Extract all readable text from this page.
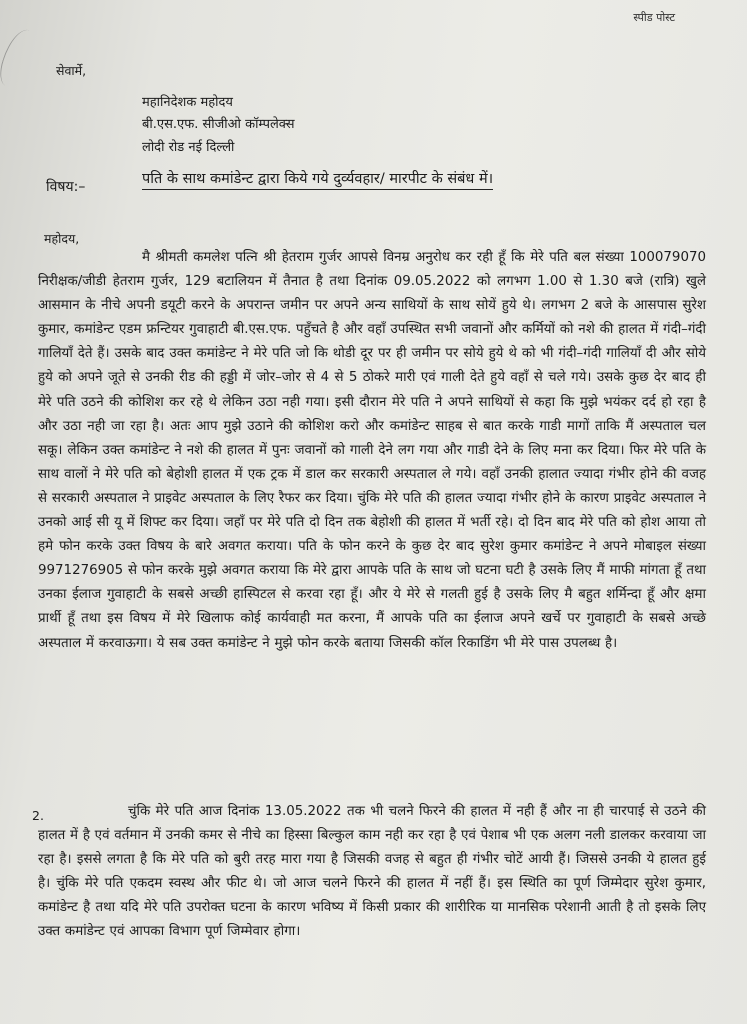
स्पीड पोस्ट
सेवार्मे,
महानिदेशक महोदय
बी.एस.एफ. सीजीओ कॉम्पलेक्स
लोदी रोड नई दिल्ली
विषय:–	पति के साथ कमांडेन्ट द्वारा किये गये दुर्व्यवहार/ मारपीट के संबंध में।
महोदय,
मै श्रीमती कमलेश पत्नि श्री हेतराम गुर्जर आपसे विनम्र अनुरोध कर रही हूँ कि मेरे पति बल संख्या 100079070 निरीक्षक/जीडी हेतराम गुर्जर, 129 बटालियन में तैनात है तथा दिनांक 09.05.2022 को लगभग 1.00 से 1.30 बजे (रात्रि) खुले आसमान के नीचे अपनी डयूटी करने के अपरान्त जमीन पर अपने अन्य साथियों के साथ सोयें हुये थे। लगभग 2 बजे के आसपास सुरेश कुमार, कमांडेन्ट एडम फ्रन्टियर गुवाहाटी बी.एस.एफ. पहुँचते है और वहाँ उपस्थित सभी जवानों और कर्मियों को नशे की हालत में गंदी–गंदी गालियाँ देते हैं। उसके बाद उक्त कमांडेन्ट ने मेरे पति जो कि थोडी दूर पर ही जमीन पर सोये हुये थे को भी गंदी–गंदी गालियाँ दी और सोये हुये को अपने जूते से उनकी रीड की हड्डी में जोर–जोर से 4 से 5 ठोकरे मारी एवं गाली देते हुये वहाँ से चले गये। उसके कुछ देर बाद ही मेरे पति उठने की कोशिश कर रहे थे लेकिन उठा नही गया। इसी दौरान मेरे पति ने अपने साथियों से कहा कि मुझे भयंकर दर्द हो रहा है और उठा नही जा रहा है। अतः आप मुझे उठाने की कोशिश करो और कमांडेन्ट साहब से बात करके गाडी मागों ताकि मैं अस्पताल चल सकू। लेकिन उक्त कमांडेन्ट ने नशे की हालत में पुनः जवानों को गाली देने लग गया और गाडी देने के लिए मना कर दिया। फिर मेरे पति के साथ वालों ने मेरे पति को बेहोशी हालत में एक ट्रक में डाल कर सरकारी अस्पताल ले गये। वहाँ उनकी हालात ज्यादा गंभीर होने की वजह से सरकारी अस्पताल ने प्राइवेट अस्पताल के लिए रैफर कर दिया। चुंकि मेरे पति की हालत ज्यादा गंभीर होने के कारण प्राइवेट अस्पताल ने उनको आई सी यू में शिफ्ट कर दिया। जहाँ पर मेरे पति दो दिन तक बेहोशी की हालत में भर्ती रहे। दो दिन बाद मेरे पति को होश आया तो हमे फोन करके उक्त विषय के बारे अवगत कराया। पति के फोन करने के कुछ देर बाद सुरेश कुमार कमांडेन्ट ने अपने मोबाइल संख्या 9971276905 से फोन करके मुझे अवगत कराया कि मेरे द्वारा आपके पति के साथ जो घटना घटी है उसके लिए मैं माफी मांगता हूँ तथा उनका ईलाज गुवाहाटी के सबसे अच्छी हास्पिटल से करवा रहा हूँ। और ये मेरे से गलती हुई है उसके लिए मै बहुत शर्मिन्दा हूँ और क्षमा प्रार्थी हूँ तथा इस विषय में मेरे खिलाफ कोई कार्यवाही मत करना, मैं आपके पति का ईलाज अपने खर्चे पर गुवाहाटी के सबसे अच्छे अस्पताल में करवाऊगा। ये सब उक्त कमांडेन्ट ने मुझे फोन करके बताया जिसकी कॉल रिकाडिंग भी मेरे पास उपलब्ध है।
2.	चुंकि मेरे पति आज दिनांक 13.05.2022 तक भी चलने फिरने की हालत में नही हैं और ना ही चारपाई से उठने की हालत में है एवं वर्तमान में उनकी कमर से नीचे का हिस्सा बिल्कुल काम नही कर रहा है एवं पेशाब भी एक अलग नली डालकर करवाया जा रहा है। इससे लगता है कि मेरे पति को बुरी तरह मारा गया है जिसकी वजह से बहुत ही गंभीर चोटें आयी हैं। जिससे उनकी ये हालत हुई है। चुंकि मेरे पति एकदम स्वस्थ और फीट थे। जो आज चलने फिरने की हालत में नहीं हैं। इस स्थिति का पूर्ण जिम्मेदार सुरेश कुमार, कमांडेन्ट है तथा यदि मेरे पति उपरोक्त घटना के कारण भविष्य में किसी प्रकार की शारीरिक या मानसिक परेशानी आती है तो इसके लिए उक्त कमांडेन्ट एवं आपका विभाग पूर्ण जिम्मेवार होगा।
